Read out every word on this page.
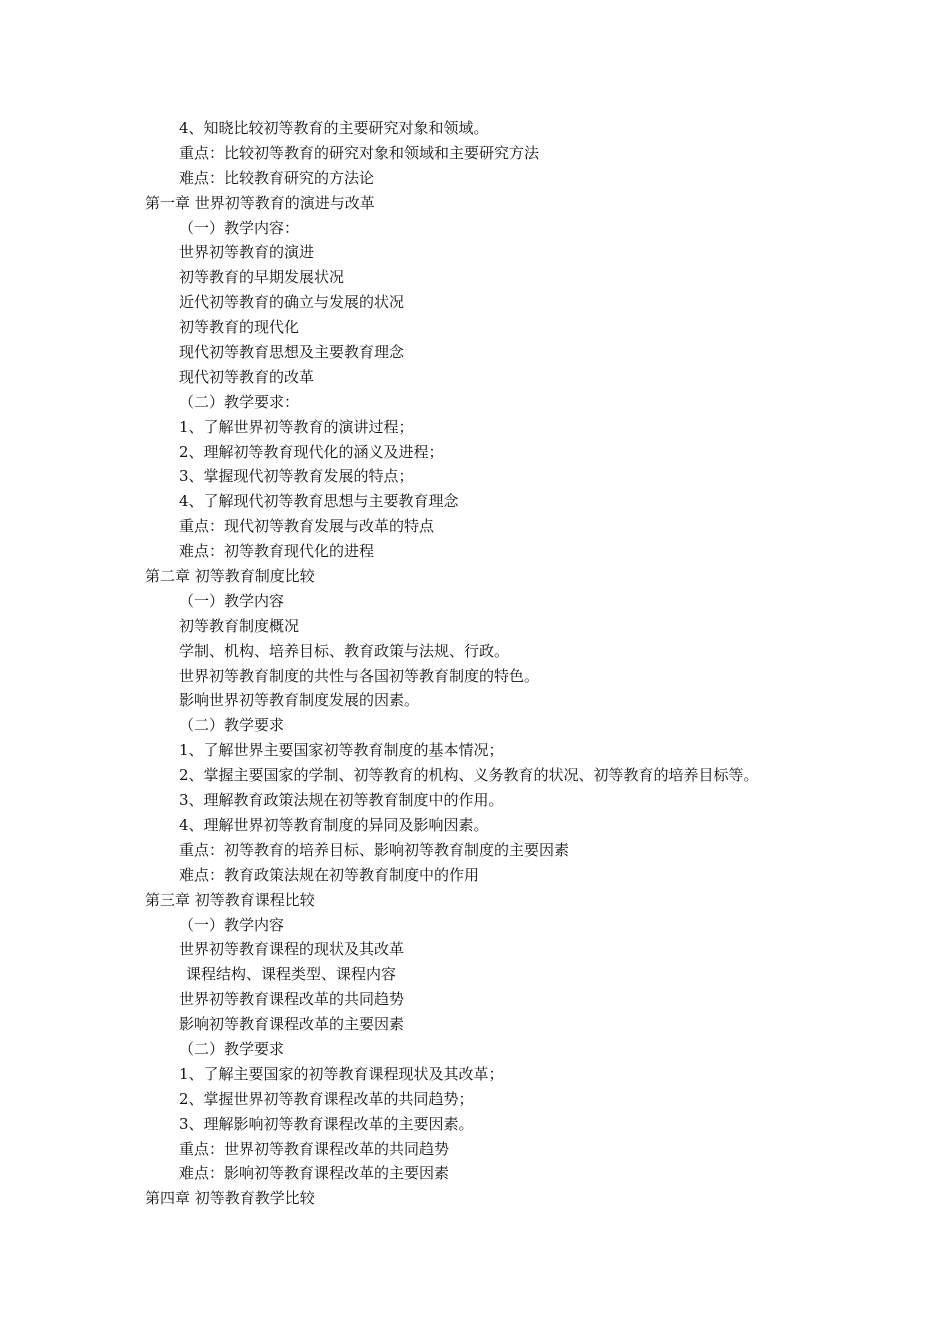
4、知晓比较初等教育的主要研究对象和领域。
重点：比较初等教育的研究对象和领域和主要研究方法
难点：比较教育研究的方法论
第一章 世界初等教育的演进与改革
（一）教学内容：
世界初等教育的演进
初等教育的早期发展状况
近代初等教育的确立与发展的状况
初等教育的现代化
现代初等教育思想及主要教育理念
现代初等教育的改革
（二）教学要求：
1、了解世界初等教育的演讲过程；
2、理解初等教育现代化的涵义及进程；
3、掌握现代初等教育发展的特点；
4、了解现代初等教育思想与主要教育理念
重点：现代初等教育发展与改革的特点
难点：初等教育现代化的进程
第二章 初等教育制度比较
（一）教学内容
初等教育制度概况
学制、机构、培养目标、教育政策与法规、行政。
世界初等教育制度的共性与各国初等教育制度的特色。
影响世界初等教育制度发展的因素。
（二）教学要求
1、了解世界主要国家初等教育制度的基本情况；
2、掌握主要国家的学制、初等教育的机构、义务教育的状况、初等教育的培养目标等。
3、理解教育政策法规在初等教育制度中的作用。
4、理解世界初等教育制度的异同及影响因素。
重点：初等教育的培养目标、影响初等教育制度的主要因素
难点：教育政策法规在初等教育制度中的作用
第三章 初等教育课程比较
（一）教学内容
世界初等教育课程的现状及其改革
课程结构、课程类型、课程内容
世界初等教育课程改革的共同趋势
影响初等教育课程改革的主要因素
（二）教学要求
1、了解主要国家的初等教育课程现状及其改革；
2、掌握世界初等教育课程改革的共同趋势；
3、理解影响初等教育课程改革的主要因素。
重点：世界初等教育课程改革的共同趋势
难点：影响初等教育课程改革的主要因素
第四章 初等教育教学比较
